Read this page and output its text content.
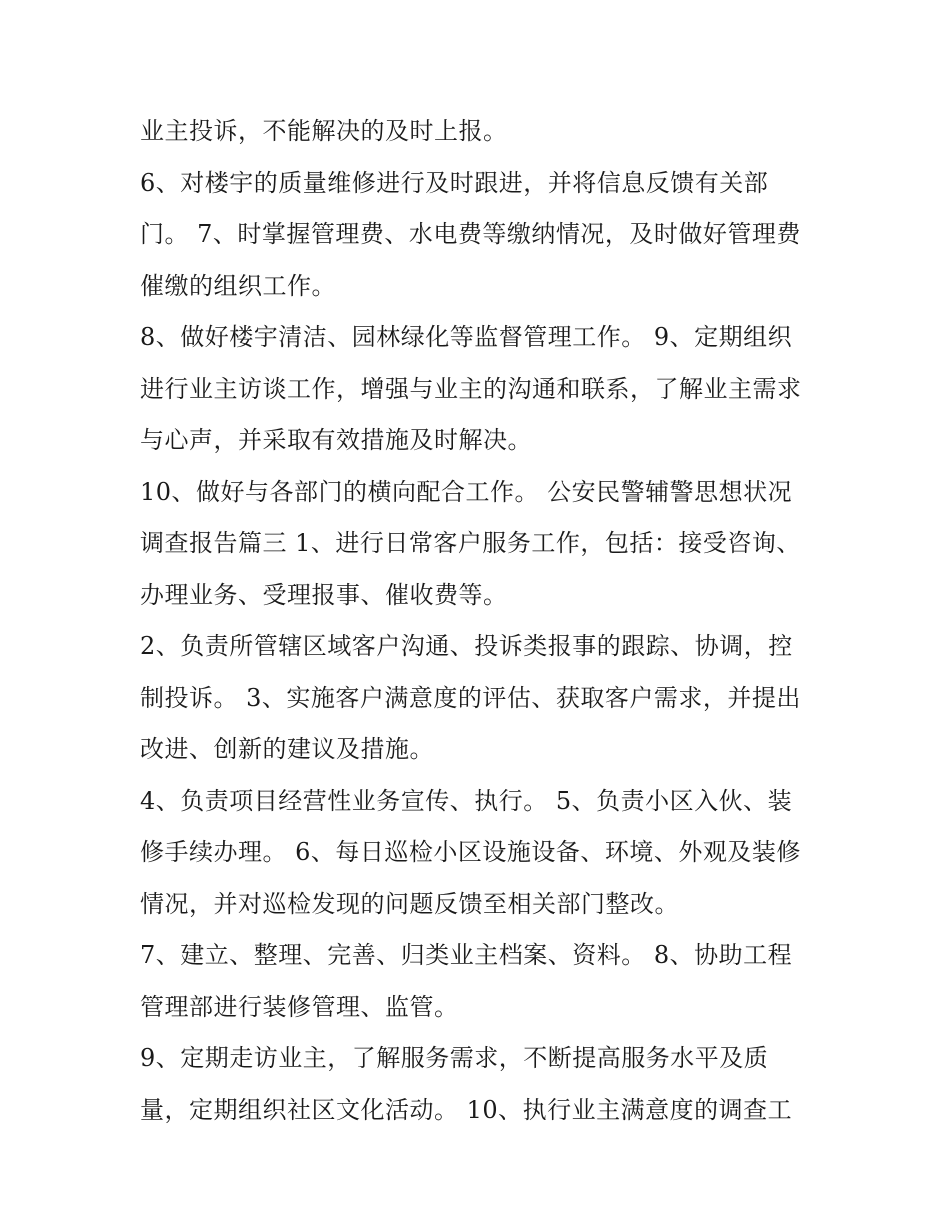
业主投诉，不能解决的及时上报。
6、对楼宇的质量维修进行及时跟进，并将信息反馈有关部
门。 7、时掌握管理费、水电费等缴纳情况，及时做好管理费
催缴的组织工作。
8、做好楼宇清洁、园林绿化等监督管理工作。 9、定期组织
进行业主访谈工作，增强与业主的沟通和联系，了解业主需求
与心声，并采取有效措施及时解决。
10、做好与各部门的横向配合工作。 公安民警辅警思想状况
调查报告篇三 1、进行日常客户服务工作，包括：接受咨询、
办理业务、受理报事、催收费等。
2、负责所管辖区域客户沟通、投诉类报事的跟踪、协调，控
制投诉。 3、实施客户满意度的评估、获取客户需求，并提出
改进、创新的建议及措施。
4、负责项目经营性业务宣传、执行。 5、负责小区入伙、装
修手续办理。 6、每日巡检小区设施设备、环境、外观及装修
情况，并对巡检发现的问题反馈至相关部门整改。
7、建立、整理、完善、归类业主档案、资料。 8、协助工程
管理部进行装修管理、监管。
9、定期走访业主，了解服务需求，不断提高服务水平及质
量，定期组织社区文化活动。 10、执行业主满意度的调查工
